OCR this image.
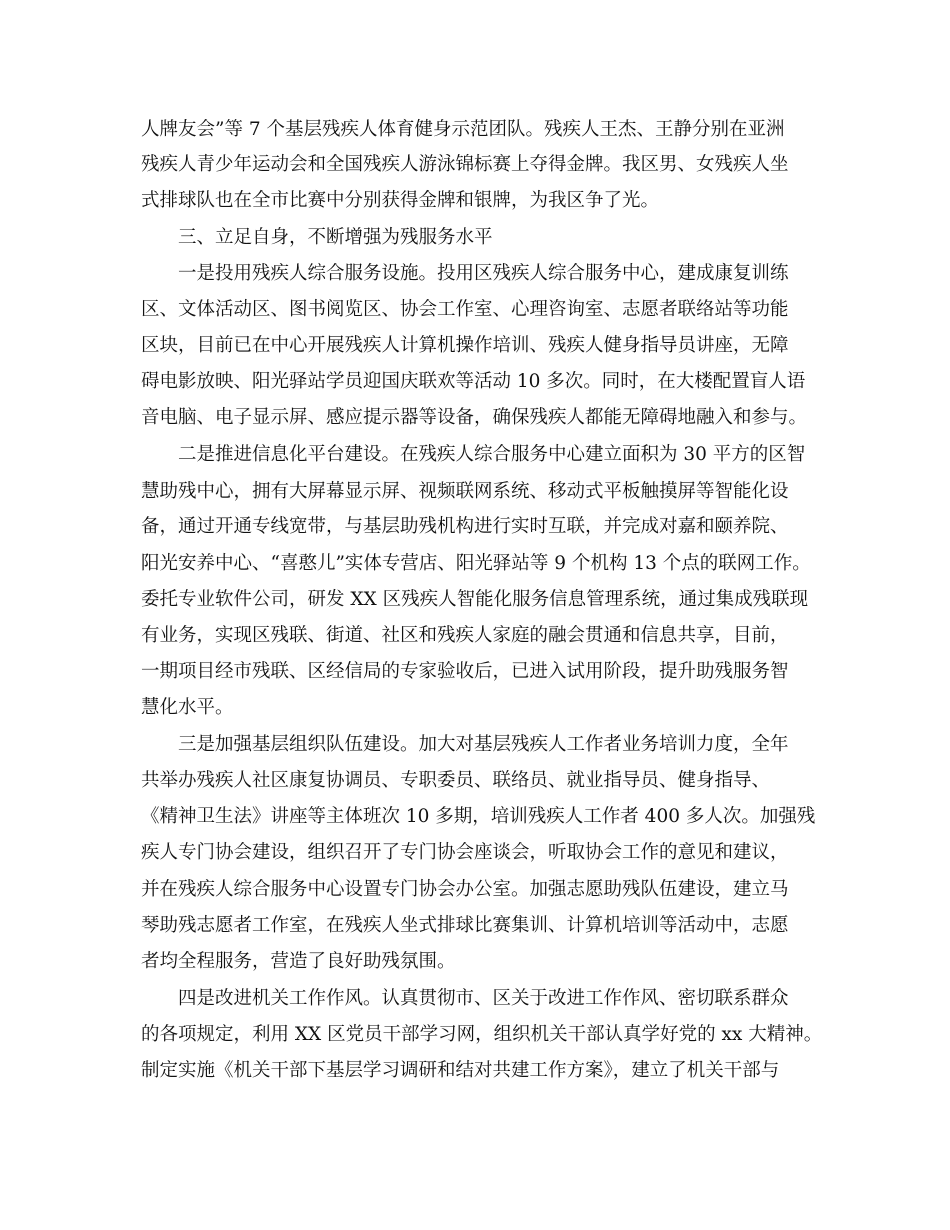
人牌友会”等 7 个基层残疾人体育健身示范团队。残疾人王杰、王静分别在亚洲
残疾人青少年运动会和全国残疾人游泳锦标赛上夺得金牌。我区男、女残疾人坐
式排球队也在全市比赛中分别获得金牌和银牌，为我区争了光。
三、立足自身，不断增强为残服务水平
一是投用残疾人综合服务设施。投用区残疾人综合服务中心，建成康复训练
区、文体活动区、图书阅览区、协会工作室、心理咨询室、志愿者联络站等功能
区块，目前已在中心开展残疾人计算机操作培训、残疾人健身指导员讲座，无障
碍电影放映、阳光驿站学员迎国庆联欢等活动 10 多次。同时，在大楼配置盲人语
音电脑、电子显示屏、感应提示器等设备，确保残疾人都能无障碍地融入和参与。
二是推进信息化平台建设。在残疾人综合服务中心建立面积为 30 平方的区智
慧助残中心，拥有大屏幕显示屏、视频联网系统、移动式平板触摸屏等智能化设
备，通过开通专线宽带，与基层助残机构进行实时互联，并完成对嘉和颐养院、
阳光安养中心、“喜憨儿”实体专营店、阳光驿站等 9 个机构 13 个点的联网工作。
委托专业软件公司，研发 XX 区残疾人智能化服务信息管理系统，通过集成残联现
有业务，实现区残联、街道、社区和残疾人家庭的融会贯通和信息共享，目前，
一期项目经市残联、区经信局的专家验收后，已进入试用阶段，提升助残服务智
慧化水平。
三是加强基层组织队伍建设。加大对基层残疾人工作者业务培训力度，全年
共举办残疾人社区康复协调员、专职委员、联络员、就业指导员、健身指导、
《精神卫生法》讲座等主体班次 10 多期，培训残疾人工作者 400 多人次。加强残
疾人专门协会建设，组织召开了专门协会座谈会，听取协会工作的意见和建议，
并在残疾人综合服务中心设置专门协会办公室。加强志愿助残队伍建设，建立马
琴助残志愿者工作室，在残疾人坐式排球比赛集训、计算机培训等活动中，志愿
者均全程服务，营造了良好助残氛围。
四是改进机关工作作风。认真贯彻市、区关于改进工作作风、密切联系群众
的各项规定，利用 XX 区党员干部学习网，组织机关干部认真学好党的 xx 大精神。
制定实施《机关干部下基层学习调研和结对共建工作方案》，建立了机关干部与
